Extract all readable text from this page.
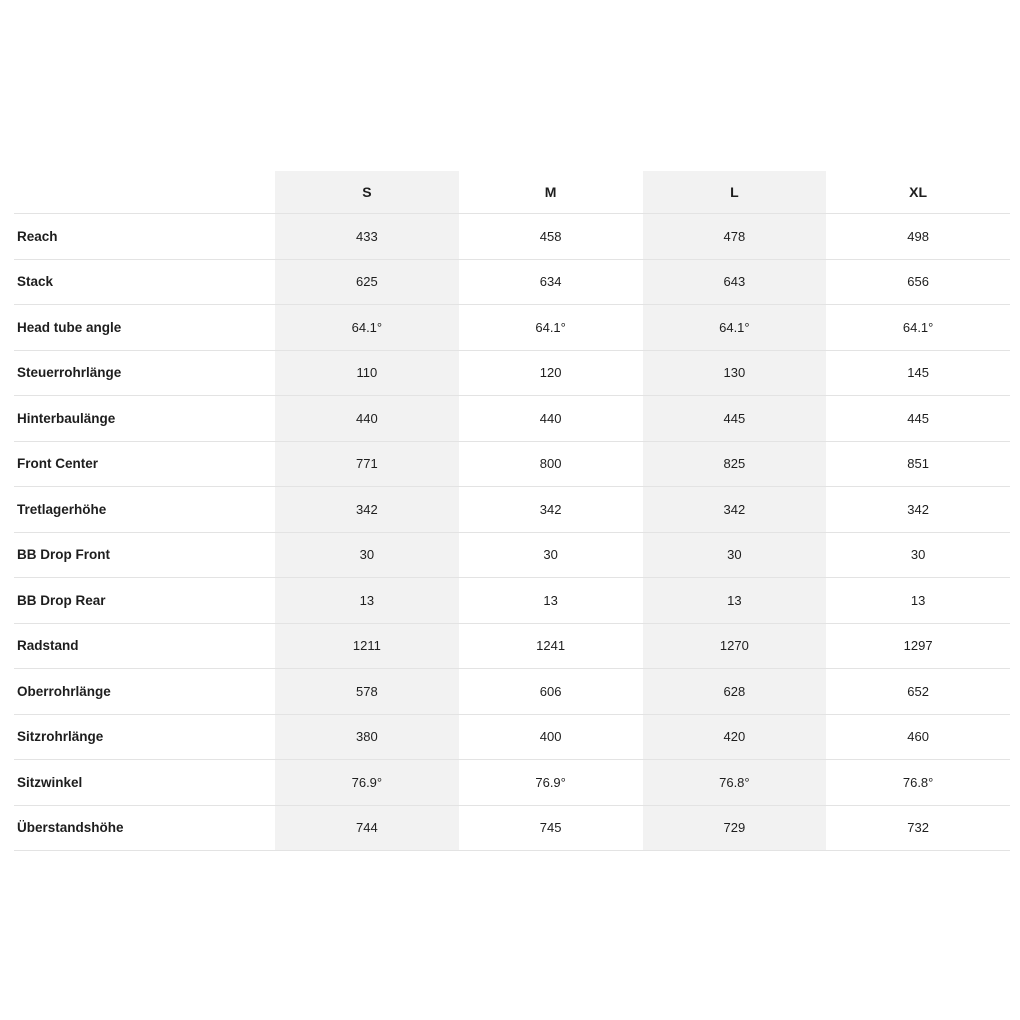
	S	M	L	XL
Reach	433	458	478	498
Stack	625	634	643	656
Head tube angle	64.1°	64.1°	64.1°	64.1°
Steuerrohrlänge	110	120	130	145
Hinterbaulänge	440	440	445	445
Front Center	771	800	825	851
Tretlagerhöhe	342	342	342	342
BB Drop Front	30	30	30	30
BB Drop Rear	13	13	13	13
Radstand	1211	1241	1270	1297
Oberrohrlänge	578	606	628	652
Sitzrohrlänge	380	400	420	460
Sitzwinkel	76.9°	76.9°	76.8°	76.8°
Überstandshöhe	744	745	729	732
